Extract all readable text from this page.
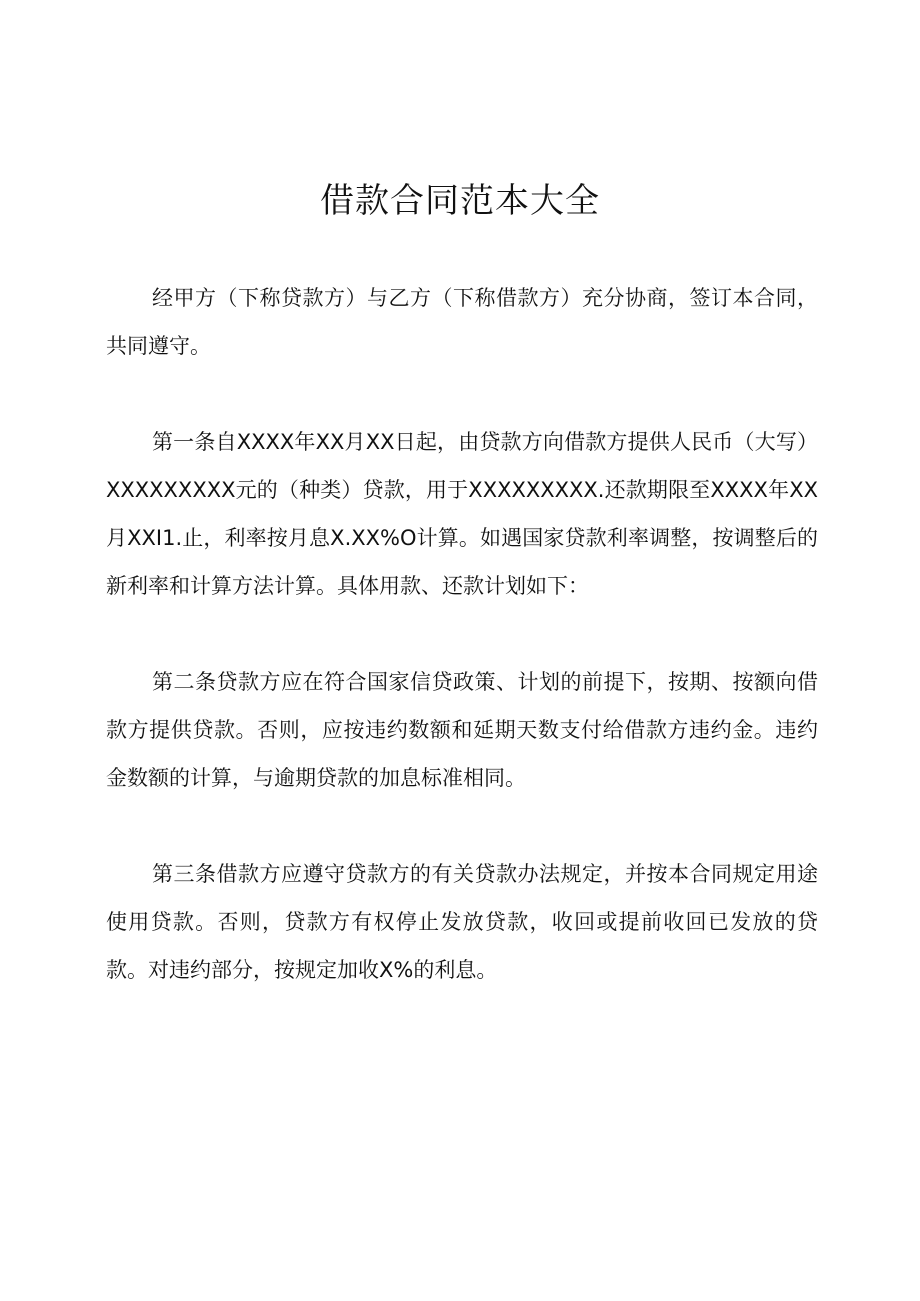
借款合同范本大全

经甲方（下称贷款方）与乙方（下称借款方）充分协商，签订本合同，共同遵守。

第一条自XXXX年XX月XX日起，由贷款方向借款方提供人民币（大写）XXXXXXXXX元的（种类）贷款，用于XXXXXXXXX.还款期限至XXXX年XX月XXI1.止，利率按月息X.XX%O计算。如遇国家贷款利率调整，按调整后的新利率和计算方法计算。具体用款、还款计划如下：

第二条贷款方应在符合国家信贷政策、计划的前提下，按期、按额向借款方提供贷款。否则，应按违约数额和延期天数支付给借款方违约金。违约金数额的计算，与逾期贷款的加息标准相同。

第三条借款方应遵守贷款方的有关贷款办法规定，并按本合同规定用途使用贷款。否则，贷款方有权停止发放贷款，收回或提前收回已发放的贷款。对违约部分，按规定加收X%的利息。
